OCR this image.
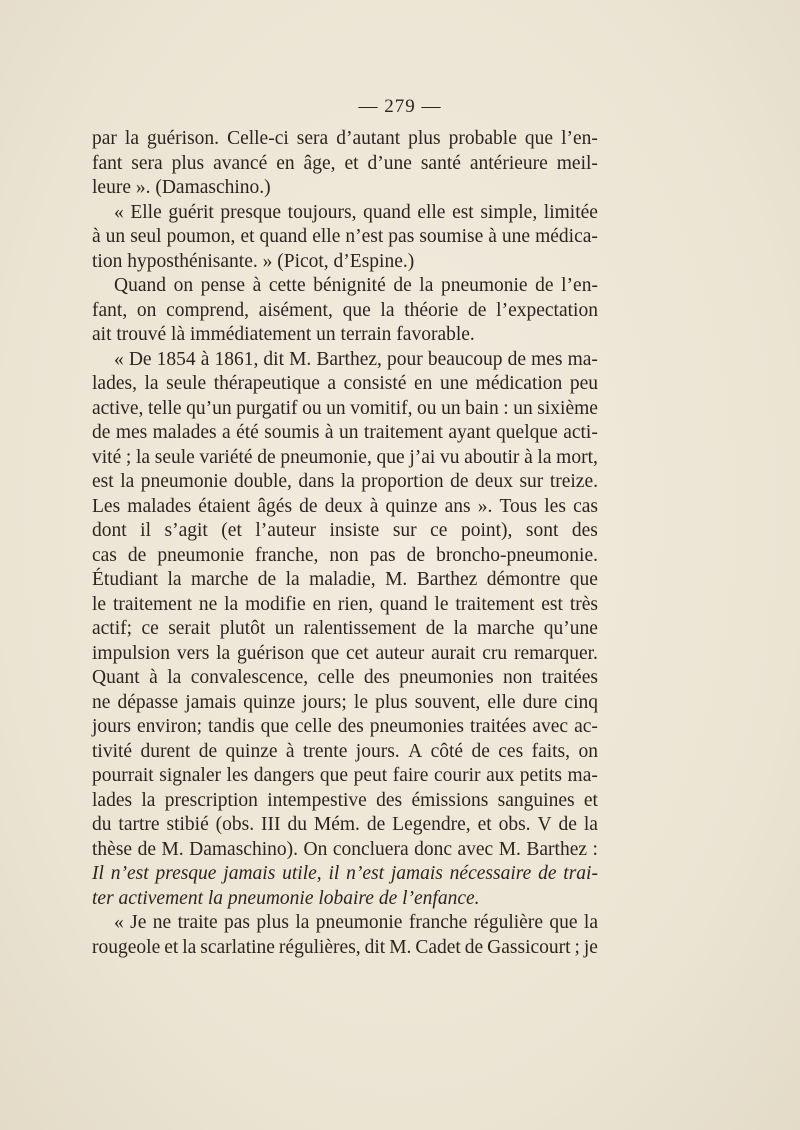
— 279 —
par la guérison. Celle-ci sera d’autant plus probable que l’en-
fant sera plus avancé en âge, et d’une santé antérieure meil-
leure ». (Damaschino.)
« Elle guérit presque toujours, quand elle est simple, limitée
à un seul poumon, et quand elle n’est pas soumise à une médica-
tion hyposthénisante. » (Picot, d’Espine.)
Quand on pense à cette bénignité de la pneumonie de l’en-
fant, on comprend, aisément, que la théorie de l’expectation
ait trouvé là immédiatement un terrain favorable.
« De 1854 à 1861, dit M. Barthez, pour beaucoup de mes ma-
lades, la seule thérapeutique a consisté en une médication peu
active, telle qu’un purgatif ou un vomitif, ou un bain : un sixième
de mes malades a été soumis à un traitement ayant quelque acti-
vité ; la seule variété de pneumonie, que j’ai vu aboutir à la mort,
est la pneumonie double, dans la proportion de deux sur treize.
Les malades étaient âgés de deux à quinze ans ». Tous les cas
dont il s’agit (et l’auteur insiste sur ce point), sont des
cas de pneumonie franche, non pas de broncho-pneumonie.
Étudiant la marche de la maladie, M. Barthez démontre que
le traitement ne la modifie en rien, quand le traitement est très
actif; ce serait plutôt un ralentissement de la marche qu’une
impulsion vers la guérison que cet auteur aurait cru remarquer.
Quant à la convalescence, celle des pneumonies non traitées
ne dépasse jamais quinze jours; le plus souvent, elle dure cinq
jours environ; tandis que celle des pneumonies traitées avec ac-
tivité durent de quinze à trente jours. A côté de ces faits, on
pourrait signaler les dangers que peut faire courir aux petits ma-
lades la prescription intempestive des émissions sanguines et
du tartre stibié (obs. III du Mém. de Legendre, et obs. V de la
thèse de M. Damaschino). On concluera donc avec M. Barthez :
Il n’est presque jamais utile, il n’est jamais nécessaire de trai-
ter activement la pneumonie lobaire de l’enfance.
« Je ne traite pas plus la pneumonie franche régulière que la
rougeole et la scarlatine régulières, dit M. Cadet de Gassicourt ; je
